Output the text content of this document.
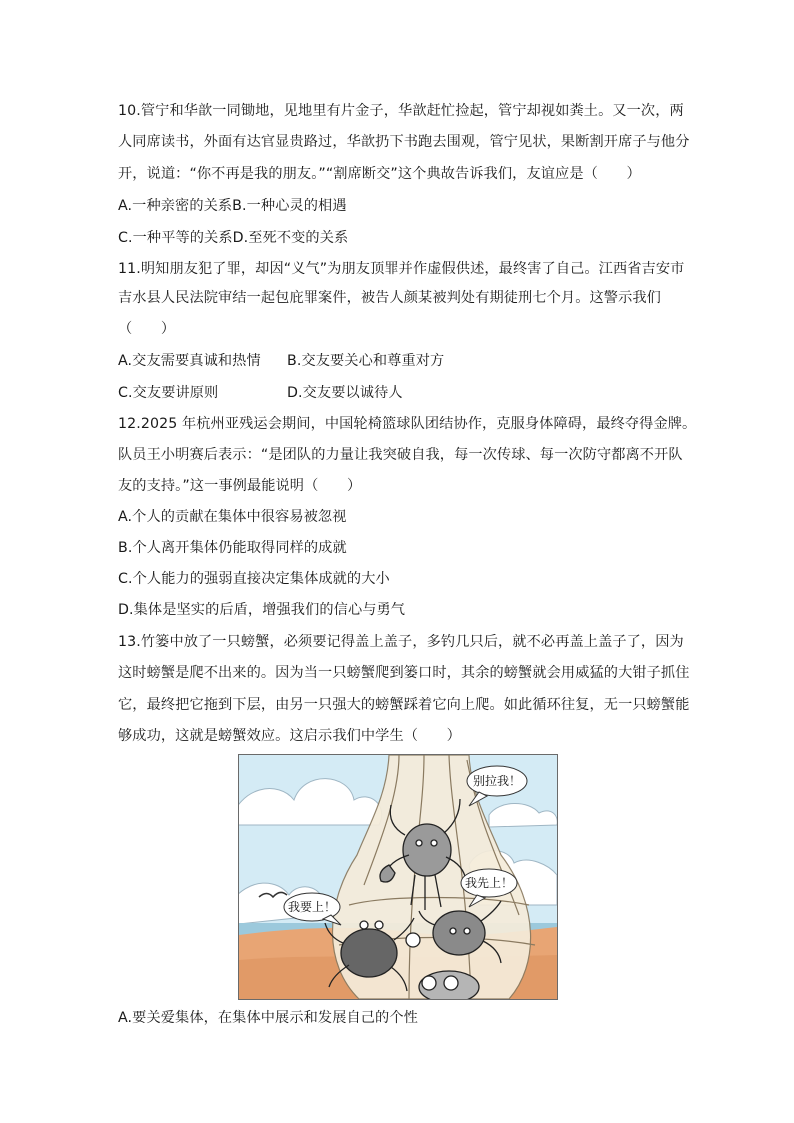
10.管宁和华歆一同锄地，见地里有片金子，华歆赶忙捡起，管宁却视如粪土。又一次，两
人同席读书，外面有达官显贵路过，华歆扔下书跑去围观，管宁见状，果断割开席子与他分
开，说道：“你不再是我的朋友。”“割席断交”这个典故告诉我们，友谊应是（　　）
A.一种亲密的关系B.一种心灵的相遇
C.一种平等的关系D.至死不变的关系
11.明知朋友犯了罪，却因“义气”为朋友顶罪并作虚假供述，最终害了自己。江西省吉安市
吉水县人民法院审结一起包庇罪案件，被告人颜某被判处有期徒刑七个月。这警示我们
（　　）
A.交友需要真诚和热情 B.交友要关心和尊重对方
C.交友要讲原则	D.交友要以诚待人
12.2025 年杭州亚残运会期间，中国轮椅篮球队团结协作，克服身体障碍，最终夺得金牌。
队员王小明赛后表示：“是团队的力量让我突破自我，每一次传球、每一次防守都离不开队
友的支持。”这一事例最能说明（　　）
A.个人的贡献在集体中很容易被忽视
B.个人离开集体仍能取得同样的成就
C.个人能力的强弱直接决定集体成就的大小
D.集体是坚实的后盾，增强我们的信心与勇气
13.竹篓中放了一只螃蟹，必须要记得盖上盖子，多钓几只后，就不必再盖上盖子了，因为
这时螃蟹是爬不出来的。因为当一只螃蟹爬到篓口时，其余的螃蟹就会用威猛的大钳子抓住
它，最终把它拖到下层，由另一只强大的螃蟹踩着它向上爬。如此循环往复，无一只螃蟹能
够成功，这就是螃蟹效应。这启示我们中学生（　　）
别拉我！
我先上！
我要上！
A.要关爱集体，在集体中展示和发展自己的个性
